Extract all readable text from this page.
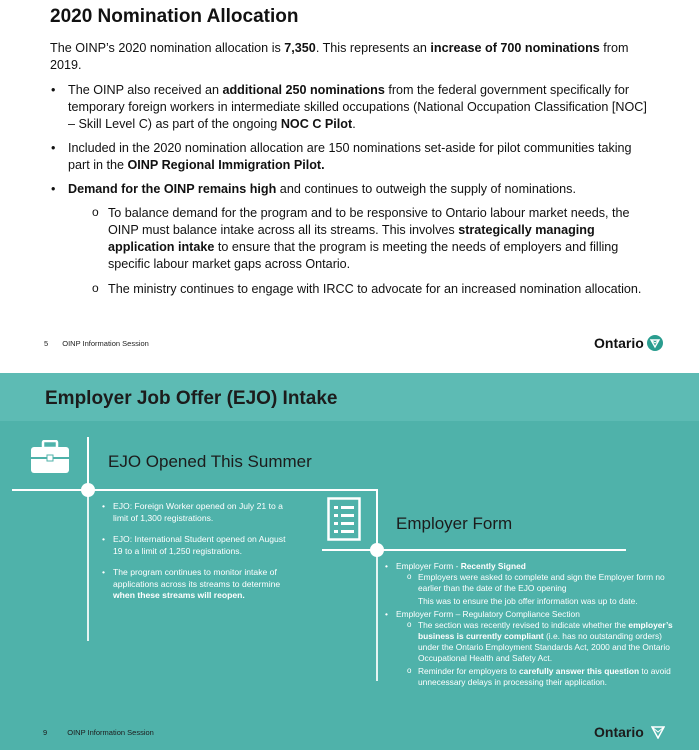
2020 Nomination Allocation
The OINP’s 2020 nomination allocation is 7,350. This represents an increase of 700 nominations from 2019.
• The OINP also received an additional 250 nominations from the federal government specifically for temporary foreign workers in intermediate skilled occupations (National Occupation Classification [NOC] – Skill Level C) as part of the ongoing NOC C Pilot.
• Included in the 2020 nomination allocation are 150 nominations set-aside for pilot communities taking part in the OINP Regional Immigration Pilot.
• Demand for the OINP remains high and continues to outweigh the supply of nominations.
o To balance demand for the program and to be responsive to Ontario labour market needs, the OINP must balance intake across all its streams. This involves strategically managing application intake to ensure that the program is meeting the needs of employers and filling specific labour market gaps across Ontario.
o The ministry continues to engage with IRCC to advocate for an increased nomination allocation.
5 OINP Information Session	Ontario
Employer Job Offer (EJO) Intake
EJO Opened This Summer
Employer Form
• EJO: Foreign Worker opened on July 21 to a limit of 1,300 registrations.
• EJO: International Student opened on August 19 to a limit of 1,250 registrations.
• The program continues to monitor intake of applications across its streams to determine when these streams will reopen.
• Employer Form - Recently Signed
o Employers were asked to complete and sign the Employer form no earlier than the date of the EJO opening
This was to ensure the job offer information was up to date.
• Employer Form – Regulatory Compliance Section
o The section was recently revised to indicate whether the employer’s business is currently compliant (i.e. has no outstanding orders) under the Ontario Employment Standards Act, 2000 and the Ontario Occupational Health and Safety Act.
o Reminder for employers to carefully answer this question to avoid unnecessary delays in processing their application.
9	OINP Information Session	Ontario
